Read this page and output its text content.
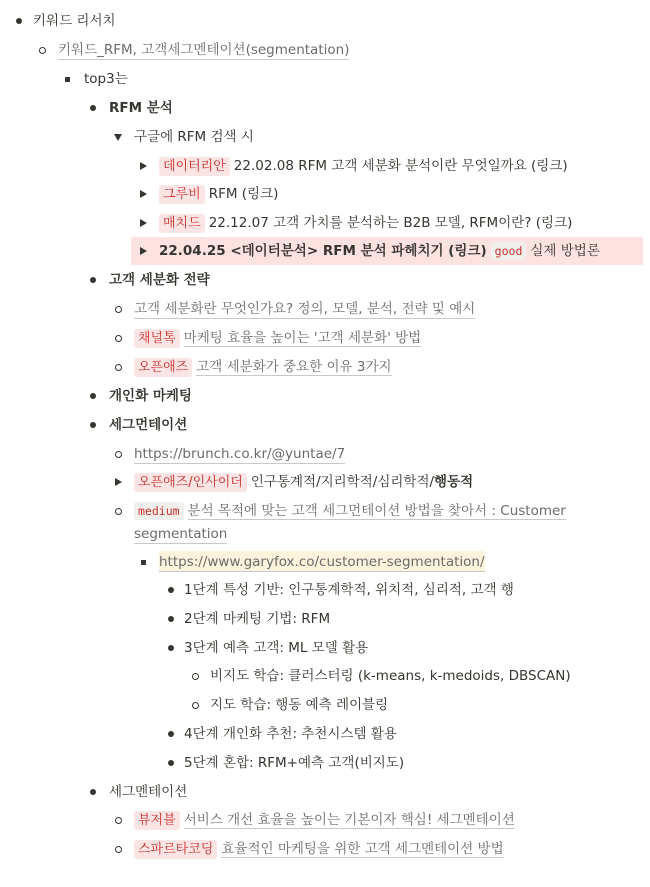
키워드 리서치
키워드_RFM, 고객세그멘테이션(segmentation)
top3는
RFM 분석
구글에 RFM 검색 시
데이터리안 22.02.08 RFM 고객 세분화 분석이란 무엇일까요 (링크)
그루비 RFM (링크)
매치드 22.12.07 고객 가치를 분석하는 B2B 모델, RFM이란? (링크)
22.04.25 <데이터분석> RFM 분석 파헤치기 (링크) good 실제 방법론
고객 세분화 전략
고객 세분화란 무엇인가요? 정의, 모델, 분석, 전략 및 예시
채널톡 마케팅 효율을 높이는 '고객 세분화' 방법
오픈애즈 고객 세분화가 중요한 이유 3가지
개인화 마케팅
세그먼테이션
https://brunch.co.kr/@yuntae/7
오픈애즈/인사이더 인구통계적/지리학적/심리학적/행동적
medium 분석 목적에 맞는 고객 세그먼테이션 방법을 찾아서 : Customer
segmentation
https://www.garyfox.co/customer-segmentation/
1단계 특성 기반: 인구통계학적, 위치적, 심리적, 고객 행
2단계 마케팅 기법: RFM
3단계 예측 고객: ML 모델 활용
비지도 학습: 클러스터링 (k-means, k-medoids, DBSCAN)
지도 학습: 행동 예측 레이블링
4단계 개인화 추천: 추천시스템 활용
5단계 혼합: RFM+예측 고객(비지도)
세그멘테이션
뷰저블 서비스 개선 효율을 높이는 기본이자 핵심! 세그멘테이션
스파르타코딩 효율적인 마케팅을 위한 고객 세그멘테이션 방법
